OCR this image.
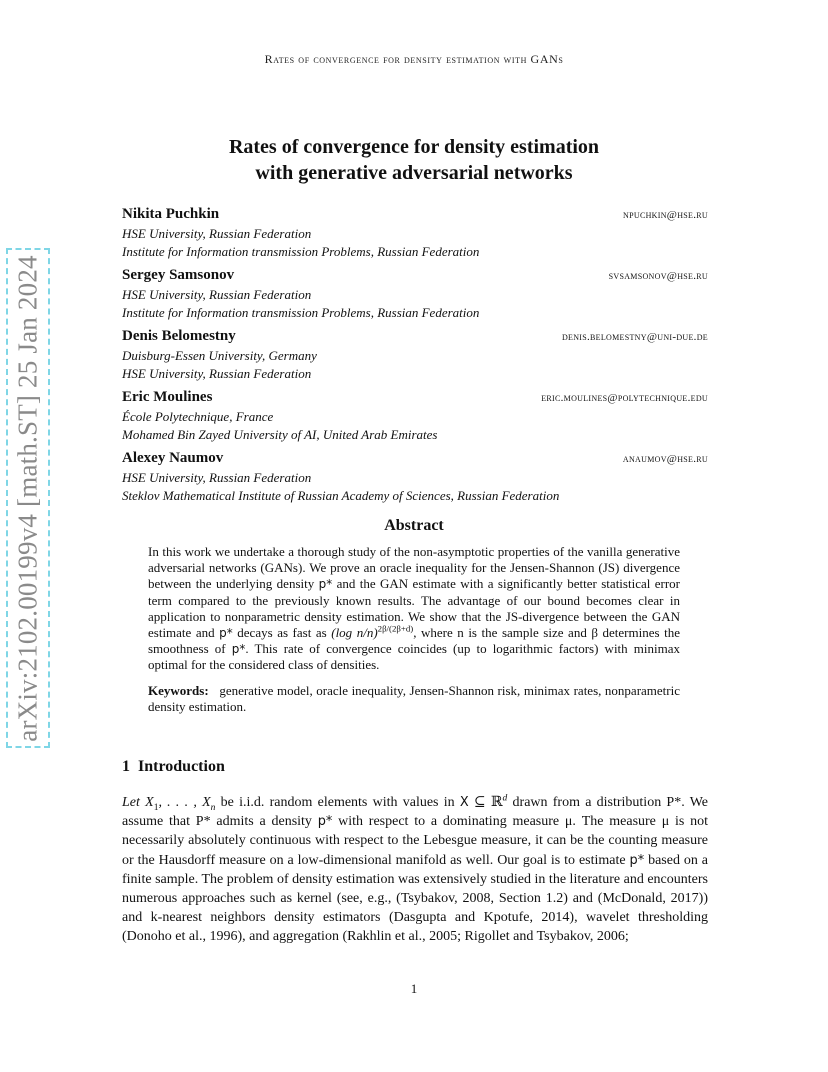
arXiv:2102.00199v4 [math.ST] 25 Jan 2024
Rates of convergence for density estimation with GANs
Rates of convergence for density estimation
with generative adversarial networks
Nikita Puchkin	npuchkin@hse.ru
HSE University, Russian Federation
Institute for Information transmission Problems, Russian Federation
Sergey Samsonov	svsamsonov@hse.ru
HSE University, Russian Federation
Institute for Information transmission Problems, Russian Federation
Denis Belomestny	denis.belomestny@uni-due.de
Duisburg-Essen University, Germany
HSE University, Russian Federation
Eric Moulines	eric.moulines@polytechnique.edu
École Polytechnique, France
Mohamed Bin Zayed University of AI, United Arab Emirates
Alexey Naumov	anaumov@hse.ru
HSE University, Russian Federation
Steklov Mathematical Institute of Russian Academy of Sciences, Russian Federation
Abstract

In this work we undertake a thorough study of the non-asymptotic properties of the vanilla generative adversarial networks (GANs). We prove an oracle inequality for the Jensen-Shannon (JS) divergence between the underlying density p* and the GAN estimate with a significantly better statistical error term compared to the previously known results. The advantage of our bound becomes clear in application to nonparametric density estimation. We show that the JS-divergence between the GAN estimate and p* decays as fast as (log n/n)$^{2\beta/(2\beta+d)}$, where n is the sample size and β determines the smoothness of p*. This rate of convergence coincides (up to logarithmic factors) with minimax optimal for the considered class of densities.

Keywords: generative model, oracle inequality, Jensen-Shannon risk, minimax rates, nonparametric density estimation.

1 Introduction

Let $X_1$, . . . , $X_n$ be i.i.d. random elements with values in X ⊆ ℝ$^d$ drawn from a distribution P*. We assume that P* admits a density p* with respect to a dominating measure μ. The measure μ is not necessarily absolutely continuous with respect to the Lebesgue measure, it can be the counting measure or the Hausdorff measure on a low-dimensional manifold as well. Our goal is to estimate p* based on a finite sample. The problem of density estimation was extensively studied in the literature and encounters numerous approaches such as kernel (see, e.g., (Tsybakov, 2008, Section 1.2) and (McDonald, 2017)) and k-nearest neighbors density estimators (Dasgupta and Kpotufe, 2014), wavelet thresholding (Donoho et al., 1996), and aggregation (Rakhlin et al., 2005; Rigollet and Tsybakov, 2006;

1
